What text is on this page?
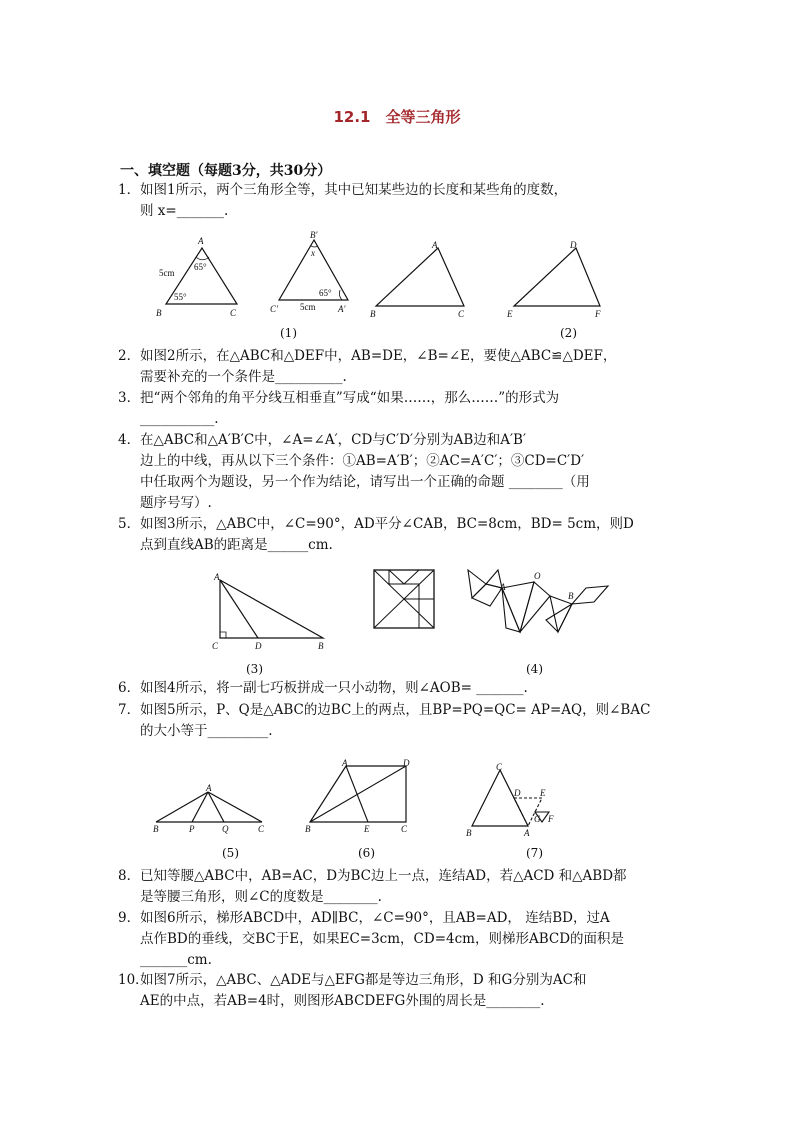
12.1　全等三角形
一、填空题（每题3分，共30分）
1．如图1所示，两个三角形全等，其中已知某些边的长度和某些角的度数，
则 x=_______.
A
B	C
5cm
65°
55°
B′
C′	A′
x
65°
5cm
A
B	C
D
E	F
(1)	(2)
2．如图2所示，在△ABC和△DEF中，AB=DE，∠B=∠E，要使△ABC≌△DEF，
需要补充的一个条件是__________.
3．把“两个邻角的角平分线互相垂直”写成“如果……，那么……”的形式为
___________.
4．在△ABC和△A′B′C中，∠A=∠A′，CD与C′D′分别为AB边和A′B′
边上的中线，再从以下三个条件：①AB=A′B′；②AC=A′C′；③CD=C′D′
中任取两个为题设，另一个作为结论，请写出一个正确的命题 ________（用
题序号写）.
5．如图3所示，△ABC中，∠C=90°，AD平分∠CAB，BC=8cm，BD= 5cm，则D
点到直线AB的距离是______cm.
A
C	D	B
A
O
B
(3)	(4)
6．如图4所示，将一副七巧板拼成一只小动物，则∠AOB= _______.
7．如图5所示，P、Q是△ABC的边BC上的两点，且BP=PQ=QC= AP=AQ，则∠BAC
的大小等于_________.
A
B	P	Q	C
A	D
B	E	C
C
D E
G F
B	A
(5)	(6)	(7)
8．已知等腰△ABC中，AB=AC，D为BC边上一点，连结AD，若△ACD 和△ABD都
是等腰三角形，则∠C的度数是________.
9．如图6所示，梯形ABCD中，AD∥BC，∠C=90°，且AB=AD， 连结BD，过A
点作BD的垂线，交BC于E，如果EC=3cm，CD=4cm，则梯形ABCD的面积是
_______cm.
10．如图7所示，△ABC、△ADE与△EFG都是等边三角形，D 和G分别为AC和
AE的中点，若AB=4时，则图形ABCDEFG外围的周长是________.
